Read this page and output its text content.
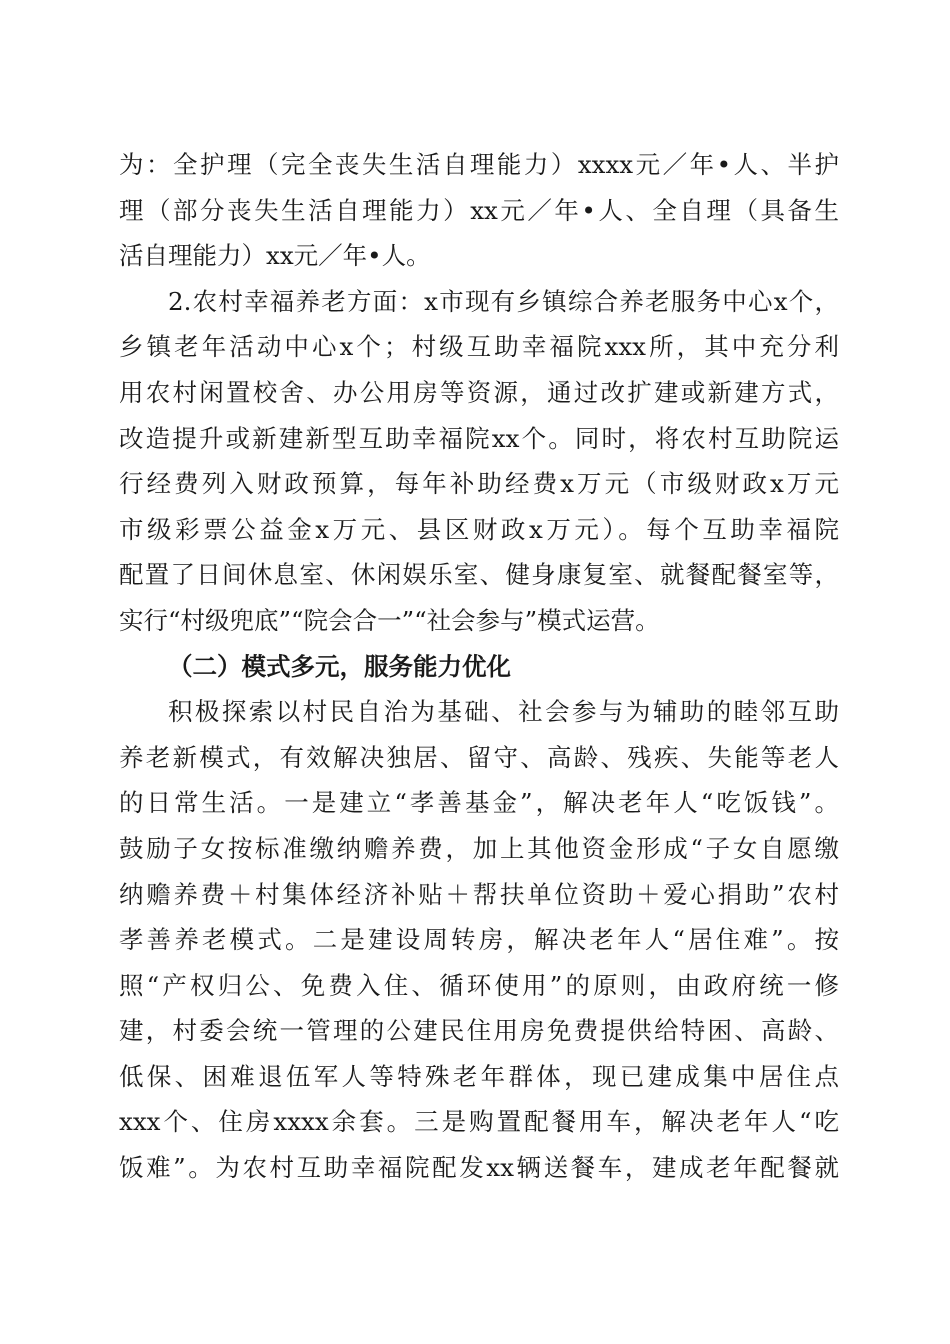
为：全护理（完全丧失生活自理能力）xxxx元／年•人、半护
理（部分丧失生活自理能力）xx元／年•人、全自理（具备生
活自理能力）xx元／年•人。
2.农村幸福养老方面：x市现有乡镇综合养老服务中心x个，
乡镇老年活动中心x个；村级互助幸福院xxx所，其中充分利
用农村闲置校舍、办公用房等资源，通过改扩建或新建方式，
改造提升或新建新型互助幸福院xx个。同时，将农村互助院运
行经费列入财政预算，每年补助经费x万元（市级财政x万元
市级彩票公益金x万元、县区财政x万元）。每个互助幸福院
配置了日间休息室、休闲娱乐室、健身康复室、就餐配餐室等，
实行“村级兜底”“院会合一”“社会参与”模式运营。
（二）模式多元，服务能力优化
积极探索以村民自治为基础、社会参与为辅助的睦邻互助
养老新模式，有效解决独居、留守、高龄、残疾、失能等老人
的日常生活。一是建立“孝善基金”，解决老年人“吃饭钱”。
鼓励子女按标准缴纳赡养费，加上其他资金形成“子女自愿缴
纳赡养费＋村集体经济补贴＋帮扶单位资助＋爱心捐助”农村
孝善养老模式。二是建设周转房，解决老年人“居住难”。按
照“产权归公、免费入住、循环使用”的原则，由政府统一修
建，村委会统一管理的公建民住用房免费提供给特困、高龄、
低保、困难退伍军人等特殊老年群体，现已建成集中居住点
xxx个、住房xxxx余套。三是购置配餐用车，解决老年人“吃
饭难”。为农村互助幸福院配发xx辆送餐车，建成老年配餐就
